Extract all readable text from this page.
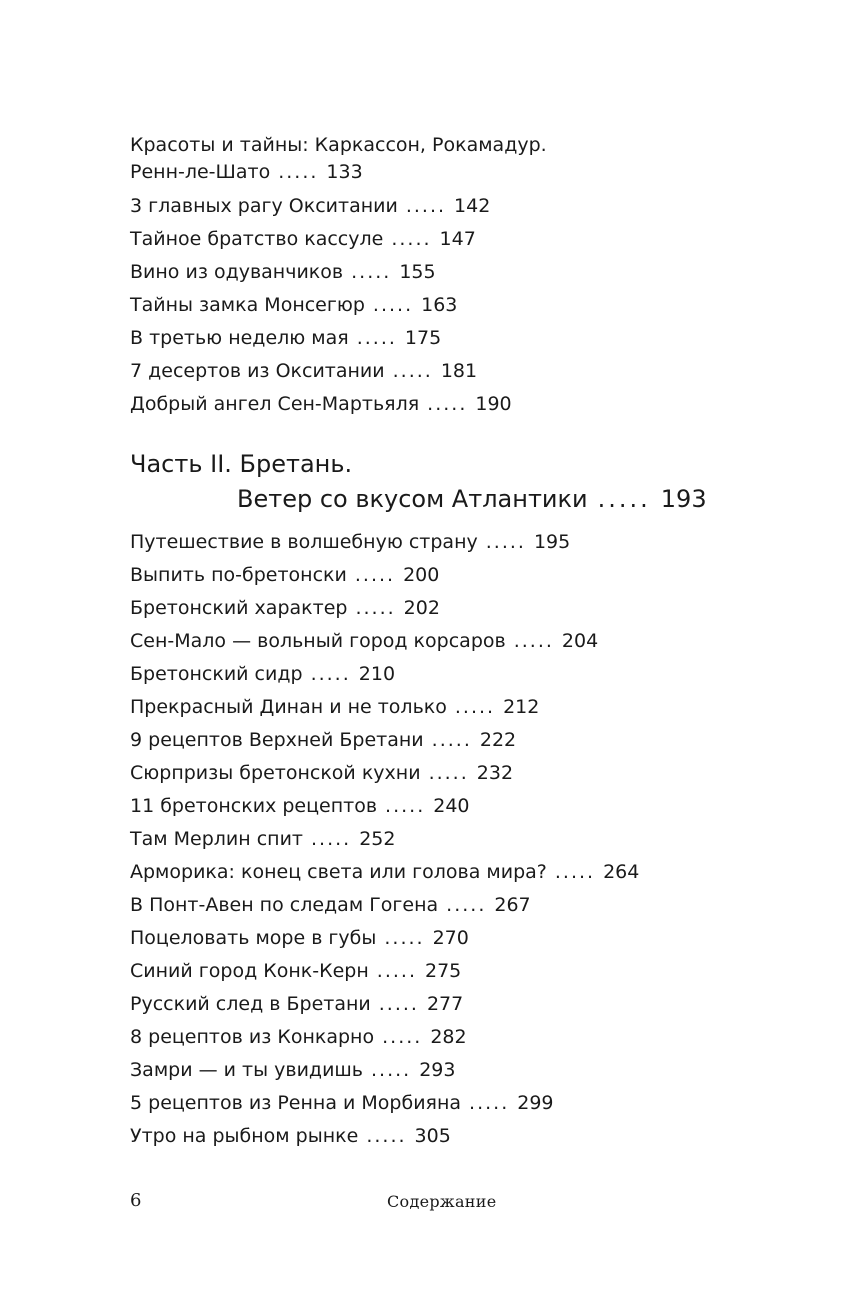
Красоты и тайны: Каркассон, Рокамадур.
Ренн-ле-Шато ..... 133
3 главных рагу Окситании ..... 142
Тайное братство кассуле ..... 147
Вино из одуванчиков ..... 155
Тайны замка Монсегюр ..... 163
В третью неделю мая ..... 175
7 десертов из Окситании ..... 181
Добрый ангел Сен-Мартьяля ..... 190
Часть II. Бретань.
Ветер со вкусом Атлантики ..... 193
Путешествие в волшебную страну ..... 195
Выпить по-бретонски ..... 200
Бретонский характер ..... 202
Сен-Мало — вольный город корсаров ..... 204
Бретонский сидр ..... 210
Прекрасный Динан и не только ..... 212
9 рецептов Верхней Бретани ..... 222
Сюрпризы бретонской кухни ..... 232
11 бретонских рецептов ..... 240
Там Мерлин спит ..... 252
Арморика: конец света или голова мира? ..... 264
В Понт-Авен по следам Гогена ..... 267
Поцеловать море в губы ..... 270
Синий город Конк-Керн ..... 275
Русский след в Бретани ..... 277
8 рецептов из Конкарно ..... 282
Замри — и ты увидишь ..... 293
5 рецептов из Ренна и Морбияна ..... 299
Утро на рыбном рынке ..... 305
6	Содержание
